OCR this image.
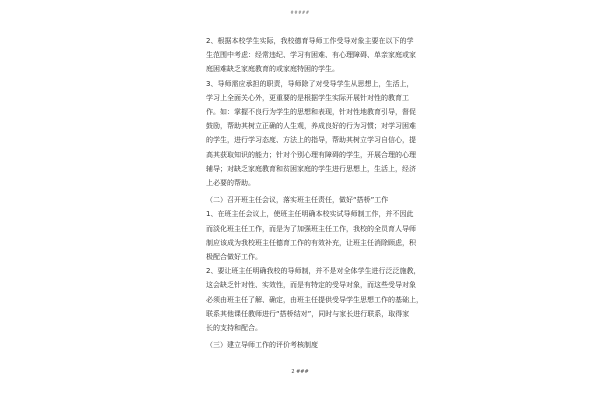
#####

2、根据本校学生实际，我校德育导师工作受导对象主要在以下的学
生范围中考虑：经常违纪、学习有困难、有心理障碍、单亲家庭或家
庭困难缺乏家庭教育的或家庭特困的学生。

3、导师需应承担的职责，导师除了对受导学生从思想上，生活上，
学习上全面关心外，更重要的是根据学生实际开展针对性的教育工
作。如：掌握不良行为学生的思想和表现，针对性地教育引导，督促
鼓励，帮助其树立正确的人生观，养成良好的行为习惯；对学习困难
的学生，进行学习态度、方法上的指导，帮助其树立学习自信心，提
高其获取知识的能力；针对个别心理有障碍的学生，开展合理的心理
辅导；对缺乏家庭教育和贫困家庭的学生进行思想上，生活上，经济
上必要的帮助。

（二）召开班主任会议，落实班主任责任，做好“搭桥”工作

1、在班主任会议上，使班主任明确本校实试导师制工作，并不因此
而淡化班主任工作，而是为了加强班主任工作，我校的全员育人导师
制应该成为我校班主任德育工作的有效补充，让班主任消除顾虑，积
极配合做好工作。

2、要让班主任明确我校的导师制，并不是对全体学生进行泛泛施教，
这会缺乏针对性、实效性，而是有特定的受导对象，而这些受导对象
必须由班主任了解、确定，由班主任提供受导学生思想工作的基础上，
联系其他课任教师进行“搭桥结对”，同时与家长进行联系，取得家
长的支持和配合。

（三）建立导师工作的评价考核制度

2 ###
